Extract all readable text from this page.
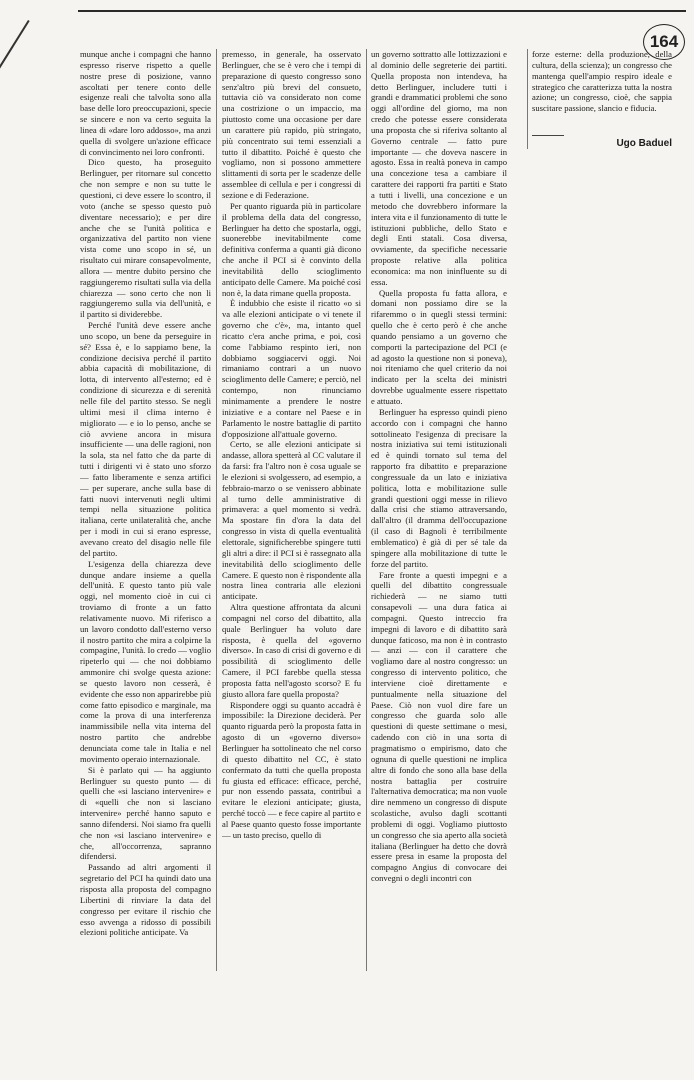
164

munque anche i compagni che hanno espresso riserve rispetto a quelle nostre prese di posizione, vanno ascoltati per tenere conto delle esigenze reali che talvolta sono alla base delle loro preoccupazioni, specie se sincere e non va certo seguita la linea di «dare loro addosso», ma anzi quella di svolgere un'azione efficace di convincimento nei loro confronti.

Dico questo, ha proseguito Berlinguer, per ritornare sul concetto che non sempre e non su tutte le questioni, ci deve essere lo scontro, il voto (anche se spesso questo può diventare necessario); e per dire anche che se l'unità politica e organizzativa del partito non viene vista come uno scopo in sé, un risultato cui mirare consapevolmente, allora — mentre dubito persino che raggiungeremo risultati sulla via della chiarezza — sono certo che non li raggiungeremo sulla via dell'unità, e il partito si dividerebbe.

Perché l'unità deve essere anche uno scopo, un bene da perseguire in sé? Essa è, e lo sappiamo bene, la condizione decisiva perché il partito abbia capacità di mobilitazione, di lotta, di intervento all'esterno; ed è condizione di sicurezza e di serenità nelle file del partito stesso. Se negli ultimi mesi il clima interno è migliorato — e io lo penso, anche se ciò avviene ancora in misura insufficiente — una delle ragioni, non la sola, sta nel fatto che da parte di tutti i dirigenti vi è stato uno sforzo — fatto liberamente e senza artifici — per superare, anche sulla base di fatti nuovi intervenuti negli ultimi tempi nella situazione politica italiana, certe unilateralità che, anche per i modi in cui si erano espresse, avevano creato del disagio nelle file del partito.

L'esigenza della chiarezza deve dunque andare insieme a quella dell'unità. E questo tanto più vale oggi, nel momento cioè in cui ci troviamo di fronte a un fatto relativamente nuovo. Mi riferisco a un lavoro condotto dall'esterno verso il nostro partito che mira a colpirne la compagine, l'unità. Io credo — voglio ripeterlo qui — che noi dobbiamo ammonire chi svolge questa azione: se questo lavoro non cesserà, è evidente che esso non apparirebbe più come fatto episodico e marginale, ma come la prova di una interferenza inammissibile nella vita interna del nostro partito che andrebbe denunciata come tale in Italia e nel movimento operaio internazionale.

Si è parlato qui — ha aggiunto Berlinguer su questo punto — di quelli che «si lasciano intervenire» e di «quelli che non si lasciano intervenire» perché hanno saputo e sanno difendersi. Noi siamo fra quelli che non «si lasciano intervenire» e che, all'occorrenza, sapranno difendersi.

Passando ad altri argomenti il segretario del PCI ha quindi dato una risposta alla proposta del compagno Libertini di rinviare la data del congresso per evitare il rischio che esso avvenga a ridosso di possibili elezioni politiche anticipate. Va

premesso, in generale, ha osservato Berlinguer, che se è vero che i tempi di preparazione di questo congresso sono senz'altro più brevi del consueto, tuttavia ciò va considerato non come una costrizione o un impaccio, ma piuttosto come una occasione per dare un carattere più rapido, più stringato, più concentrato sui temi essenziali a tutto il dibattito. Poiché è questo che vogliamo, non si possono ammettere slittamenti di sorta per le scadenze delle assemblee di cellula e per i congressi di sezione e di Federazione.

Per quanto riguarda più in particolare il problema della data del congresso, Berlinguer ha detto che spostarla, oggi, suonerebbe inevitabilmente come definitiva conferma a quanti già dicono che anche il PCI si è convinto della inevitabilità dello scioglimento anticipato delle Camere. Ma poiché così non è, la data rimane quella proposta.

È indubbio che esiste il ricatto «o si va alle elezioni anticipate o vi tenete il governo che c'è», ma, intanto quel ricatto c'era anche prima, e poi, così come l'abbiamo respinto ieri, non dobbiamo soggiacervi oggi. Noi rimaniamo contrari a un nuovo scioglimento delle Camere; e perciò, nel contempo, non rinunciamo minimamente a prendere le nostre iniziative e a contare nel Paese e in Parlamento le nostre battaglie di partito d'opposizione all'attuale governo.

Certo, se alle elezioni anticipate si andasse, allora spetterà al CC valutare il da farsi: fra l'altro non è cosa uguale se le elezioni si svolgessero, ad esempio, a febbraio-marzo o se venissero abbinate al turno delle amministrative di primavera: a quel momento si vedrà. Ma spostare fin d'ora la data del congresso in vista di quella eventualità elettorale, significherebbe spingere tutti gli altri a dire: il PCI si è rassegnato alla inevitabilità dello scioglimento delle Camere. E questo non è rispondente alla nostra linea contraria alle elezioni anticipate.

Altra questione affrontata da alcuni compagni nel corso del dibattito, alla quale Berlinguer ha voluto dare risposta, è quella del «governo diverso». In caso di crisi di governo e di possibilità di scioglimento delle Camere, il PCI farebbe quella stessa proposta fatta nell'agosto scorso? E fu giusto allora fare quella proposta?

Rispondere oggi su quanto accadrà è impossibile: la Direzione deciderà. Per quanto riguarda però la proposta fatta in agosto di un «governo diverso» Berlinguer ha sottolineato che nel corso di questo dibattito nel CC, è stato confermato da tutti che quella proposta fu giusta ed efficace: efficace, perché, pur non essendo passata, contribuì a evitare le elezioni anticipate; giusta, perché toccò — e fece capire al partito e al Paese quanto questo fosse importante — un tasto preciso, quello di

un governo sottratto alle lottizzazioni e al dominio delle segreterie dei partiti. Quella proposta non intendeva, ha detto Berlinguer, includere tutti i grandi e drammatici problemi che sono oggi all'ordine del giorno, ma non credo che potesse essere considerata una proposta che si riferiva soltanto al Governo centrale — fatto pure importante — che doveva nascere in agosto. Essa in realtà poneva in campo una concezione tesa a cambiare il carattere dei rapporti fra partiti e Stato a tutti i livelli, una concezione e un metodo che dovrebbero informare la intera vita e il funzionamento di tutte le istituzioni pubbliche, dello Stato e degli Enti statali. Cosa diversa, ovviamente, da specifiche necessarie proposte relative alla politica economica: ma non ininfluente su di essa.

Quella proposta fu fatta allora, e domani non possiamo dire se la rifaremmo o in quegli stessi termini: quello che è certo però è che anche quando pensiamo a un governo che comporti la partecipazione del PCI (e ad agosto la questione non si poneva), noi riteniamo che quel criterio da noi indicato per la scelta dei ministri dovrebbe ugualmente essere rispettato e attuato.

Berlinguer ha espresso quindi pieno accordo con i compagni che hanno sottolineato l'esigenza di precisare la nostra iniziativa sui temi istituzionali ed è quindi tornato sul tema del rapporto fra dibattito e preparazione congressuale da un lato e iniziativa politica, lotta e mobilitazione sulle grandi questioni oggi messe in rilievo dalla crisi che stiamo attraversando, dall'altro (il dramma dell'occupazione (il caso di Bagnoli è terribilmente emblematico) è già di per sé tale da spingere alla mobilitazione di tutte le forze del partito.

Fare fronte a questi impegni e a quelli del dibattito congressuale richiederà — ne siamo tutti consapevoli — una dura fatica ai compagni. Questo intreccio fra impegni di lavoro e di dibattito sarà dunque faticoso, ma non è in contrasto — anzi — con il carattere che vogliamo dare al nostro congresso: un congresso di intervento politico, che interviene cioè direttamente e puntualmente nella situazione del Paese. Ciò non vuol dire fare un congresso che guarda solo alle questioni di queste settimane o mesi, cadendo con ciò in una sorta di pragmatismo o empirismo, dato che ognuna di quelle questioni ne implica altre di fondo che sono alla base della nostra battaglia per costruire l'alternativa democratica; ma non vuole dire nemmeno un congresso di dispute scolastiche, avulso dagli scottanti problemi di oggi. Vogliamo piuttosto un congresso che sia aperto alla società italiana (Berlinguer ha detto che dovrà essere presa in esame la proposta del compagno Angius di convocare dei convegni o degli incontri con

forze esterne: della produzione, della cultura, della scienza); un congresso che mantenga quell'ampio respiro ideale e strategico che caratterizza tutta la nostra azione; un congresso, cioè, che sappia suscitare passione, slancio e fiducia.

Ugo Baduel
